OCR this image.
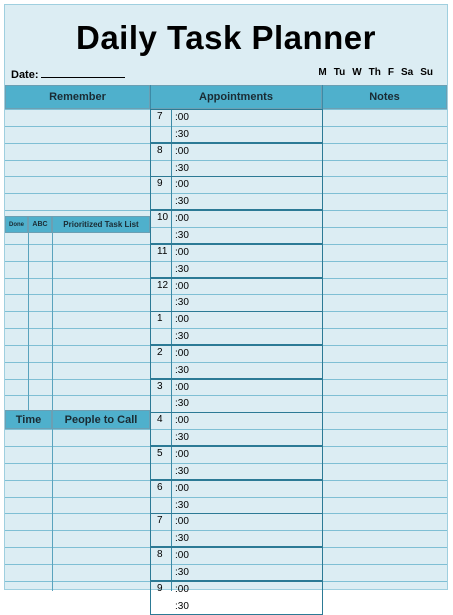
Daily Task Planner
Date:	M Tu W Th F Sa Su
Remember	Appointments	Notes
7	:00
:30
8	:00
:30
9	:00
:30
10 :00
:30
11 :00
:30
12 :00
:30
1	:00
:30
2	:00
:30
3	:00
:30
4	:00
:30
5	:00
:30
6	:00
:30
7	:00
:30
8	:00
:30
9	:00
:30
Done	ABC	Prioritized Task List
Time	People to Call
